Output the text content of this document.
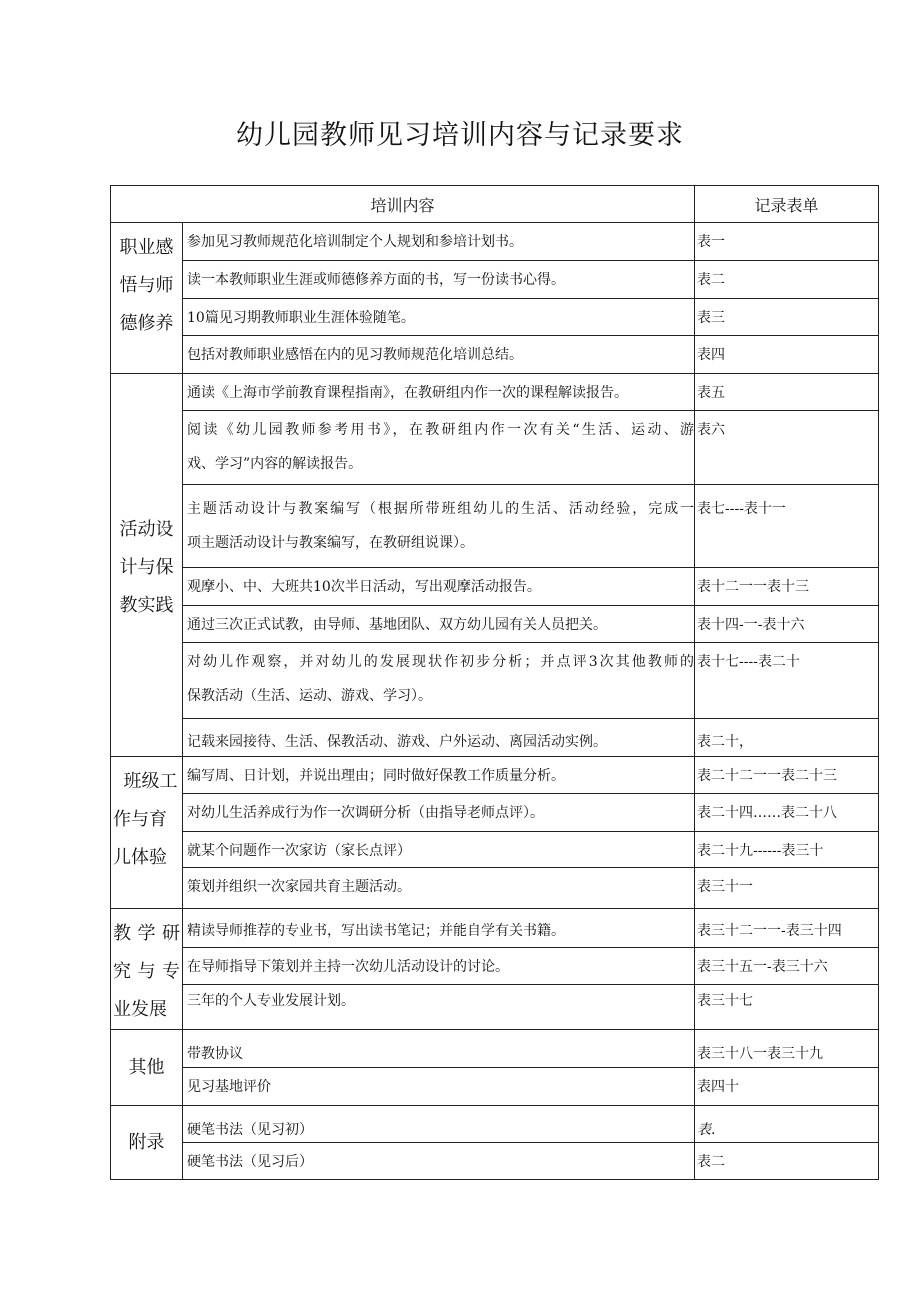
幼儿园教师见习培训内容与记录要求
培训内容		记录表单

职业感
悟与师
德修养	参加见习教师规范化培训制定个人规划和参培计划书。	表一
	读一本教师职业生涯或师德修养方面的书，写一份读书心得。	表二
	10篇见习期教师职业生涯体验随笔。	表三
	包括对教师职业感悟在内的见习教师规范化培训总结。	表四

活动设
计与保
教实践	通读《上海市学前教育课程指南》，在教研组内作一次的课程解读报告。	表五

	阅读《幼儿园教师参考用书》，在教研组内作一次有关“生活、运动、游
戏、学习”内容的解读报告。	表六

	主题活动设计与教案编写（根据所带班组幼儿的生活、活动经验，完成一
项主题活动设计与教案编写，在教研组说课）。	表七----表十一
	观摩小、中、大班共10次半日活动，写出观摩活动报告。	表十二一一表十三
	通过三次正式试教，由导师、基地团队、双方幼儿园有关人员把关。	表十四-一-表十六

	对幼儿作观察，并对幼儿的发展现状作初步分析；并点评3次其他教师的
保教活动（生活、运动、游戏、学习）。	表十七----表二十
	记载来园接待、生活、保教活动、游戏、户外运动、离园活动实例。	表二十，

班级工
作与育
儿体验	编写周、日计划，并说出理由；同时做好保教工作质量分析。	表二十二一一表二十三
	对幼儿生活养成行为作一次调研分析（由指导老师点评）。	表二十四……表二十八
	就某个问题作一次家访（家长点评）	表二十九------表三十
	策划并组织一次家园共育主题活动。	表三十一

教学研
究与专
业发展	精读导师推荐的专业书，写出读书笔记；并能自学有关书籍。	表三十二一一-表三十四
	在导师指导下策划并主持一次幼儿活动设计的讨论。	表三十五一-表三十六
	三年的个人专业发展计划。	表三十七

其他	带教协议	表三十八一表三十九
	见习基地评价	表四十

附录	硬笔书法（见习初）	表.
	硬笔书法（见习后）	表二
